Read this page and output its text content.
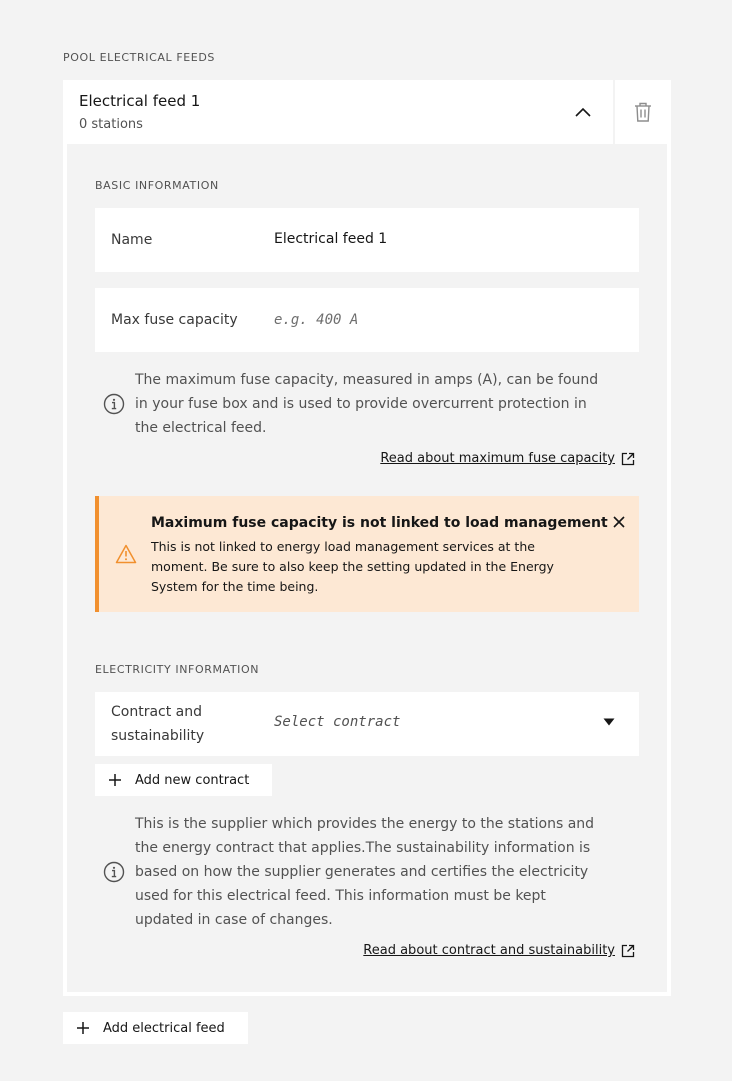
POOL ELECTRICAL FEEDS
Electrical feed 1
0 stations
BASIC INFORMATION
Name	Electrical feed 1
Max fuse capacity
e.g. 400 A
The maximum fuse capacity, measured in amps (A), can be found in your fuse box and is used to provide overcurrent protection in the electrical feed.
Read about maximum fuse capacity
Maximum fuse capacity is not linked to load management
This is not linked to energy load management services at the moment. Be sure to also keep the setting updated in the Energy System for the time being.
ELECTRICITY INFORMATION
Contract and sustainability
Select contract
Add new contract
This is the supplier which provides the energy to the stations and the energy contract that applies.The sustainability information is based on how the supplier generates and certifies the electricity used for this electrical feed. This information must be kept updated in case of changes.
Read about contract and sustainability
Add electrical feed
